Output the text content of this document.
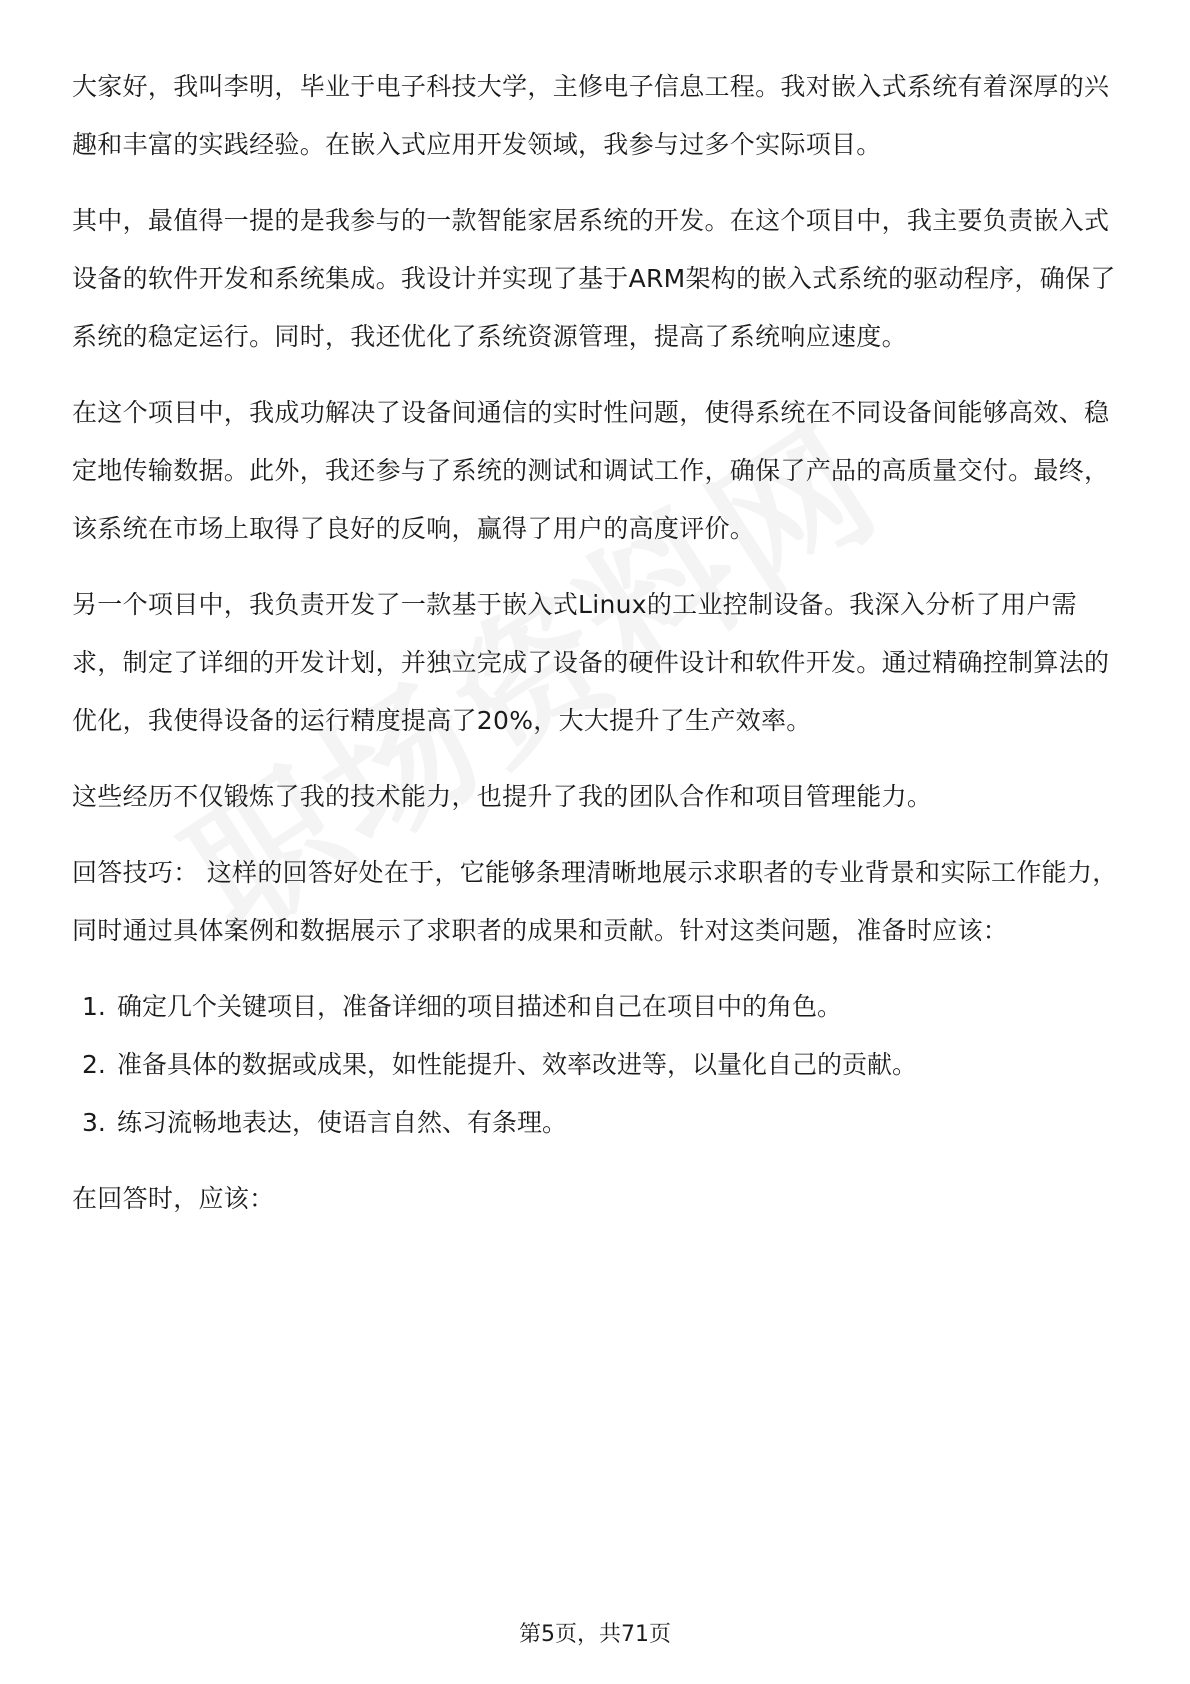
大家好，我叫李明，毕业于电子科技大学，主修电子信息工程。我对嵌入式系统有着深厚的兴趣和丰富的实践经验。在嵌入式应用开发领域，我参与过多个实际项目。

其中，最值得一提的是我参与的一款智能家居系统的开发。在这个项目中，我主要负责嵌入式设备的软件开发和系统集成。我设计并实现了基于ARM架构的嵌入式系统的驱动程序，确保了系统的稳定运行。同时，我还优化了系统资源管理，提高了系统响应速度。

在这个项目中，我成功解决了设备间通信的实时性问题，使得系统在不同设备间能够高效、稳定地传输数据。此外，我还参与了系统的测试和调试工作，确保了产品的高质量交付。最终，该系统在市场上取得了良好的反响，赢得了用户的高度评价。

另一个项目中，我负责开发了一款基于嵌入式Linux的工业控制设备。我深入分析了用户需求，制定了详细的开发计划，并独立完成了设备的硬件设计和软件开发。通过精确控制算法的优化，我使得设备的运行精度提高了20%，大大提升了生产效率。

这些经历不仅锻炼了我的技术能力，也提升了我的团队合作和项目管理能力。

回答技巧： 这样的回答好处在于，它能够条理清晰地展示求职者的专业背景和实际工作能力，同时通过具体案例和数据展示了求职者的成果和贡献。针对这类问题，准备时应该：

1. 确定几个关键项目，准备详细的项目描述和自己在项目中的角色。
2. 准备具体的数据或成果，如性能提升、效率改进等，以量化自己的贡献。
3. 练习流畅地表达，使语言自然、有条理。

在回答时，应该：

第5页，共71页
